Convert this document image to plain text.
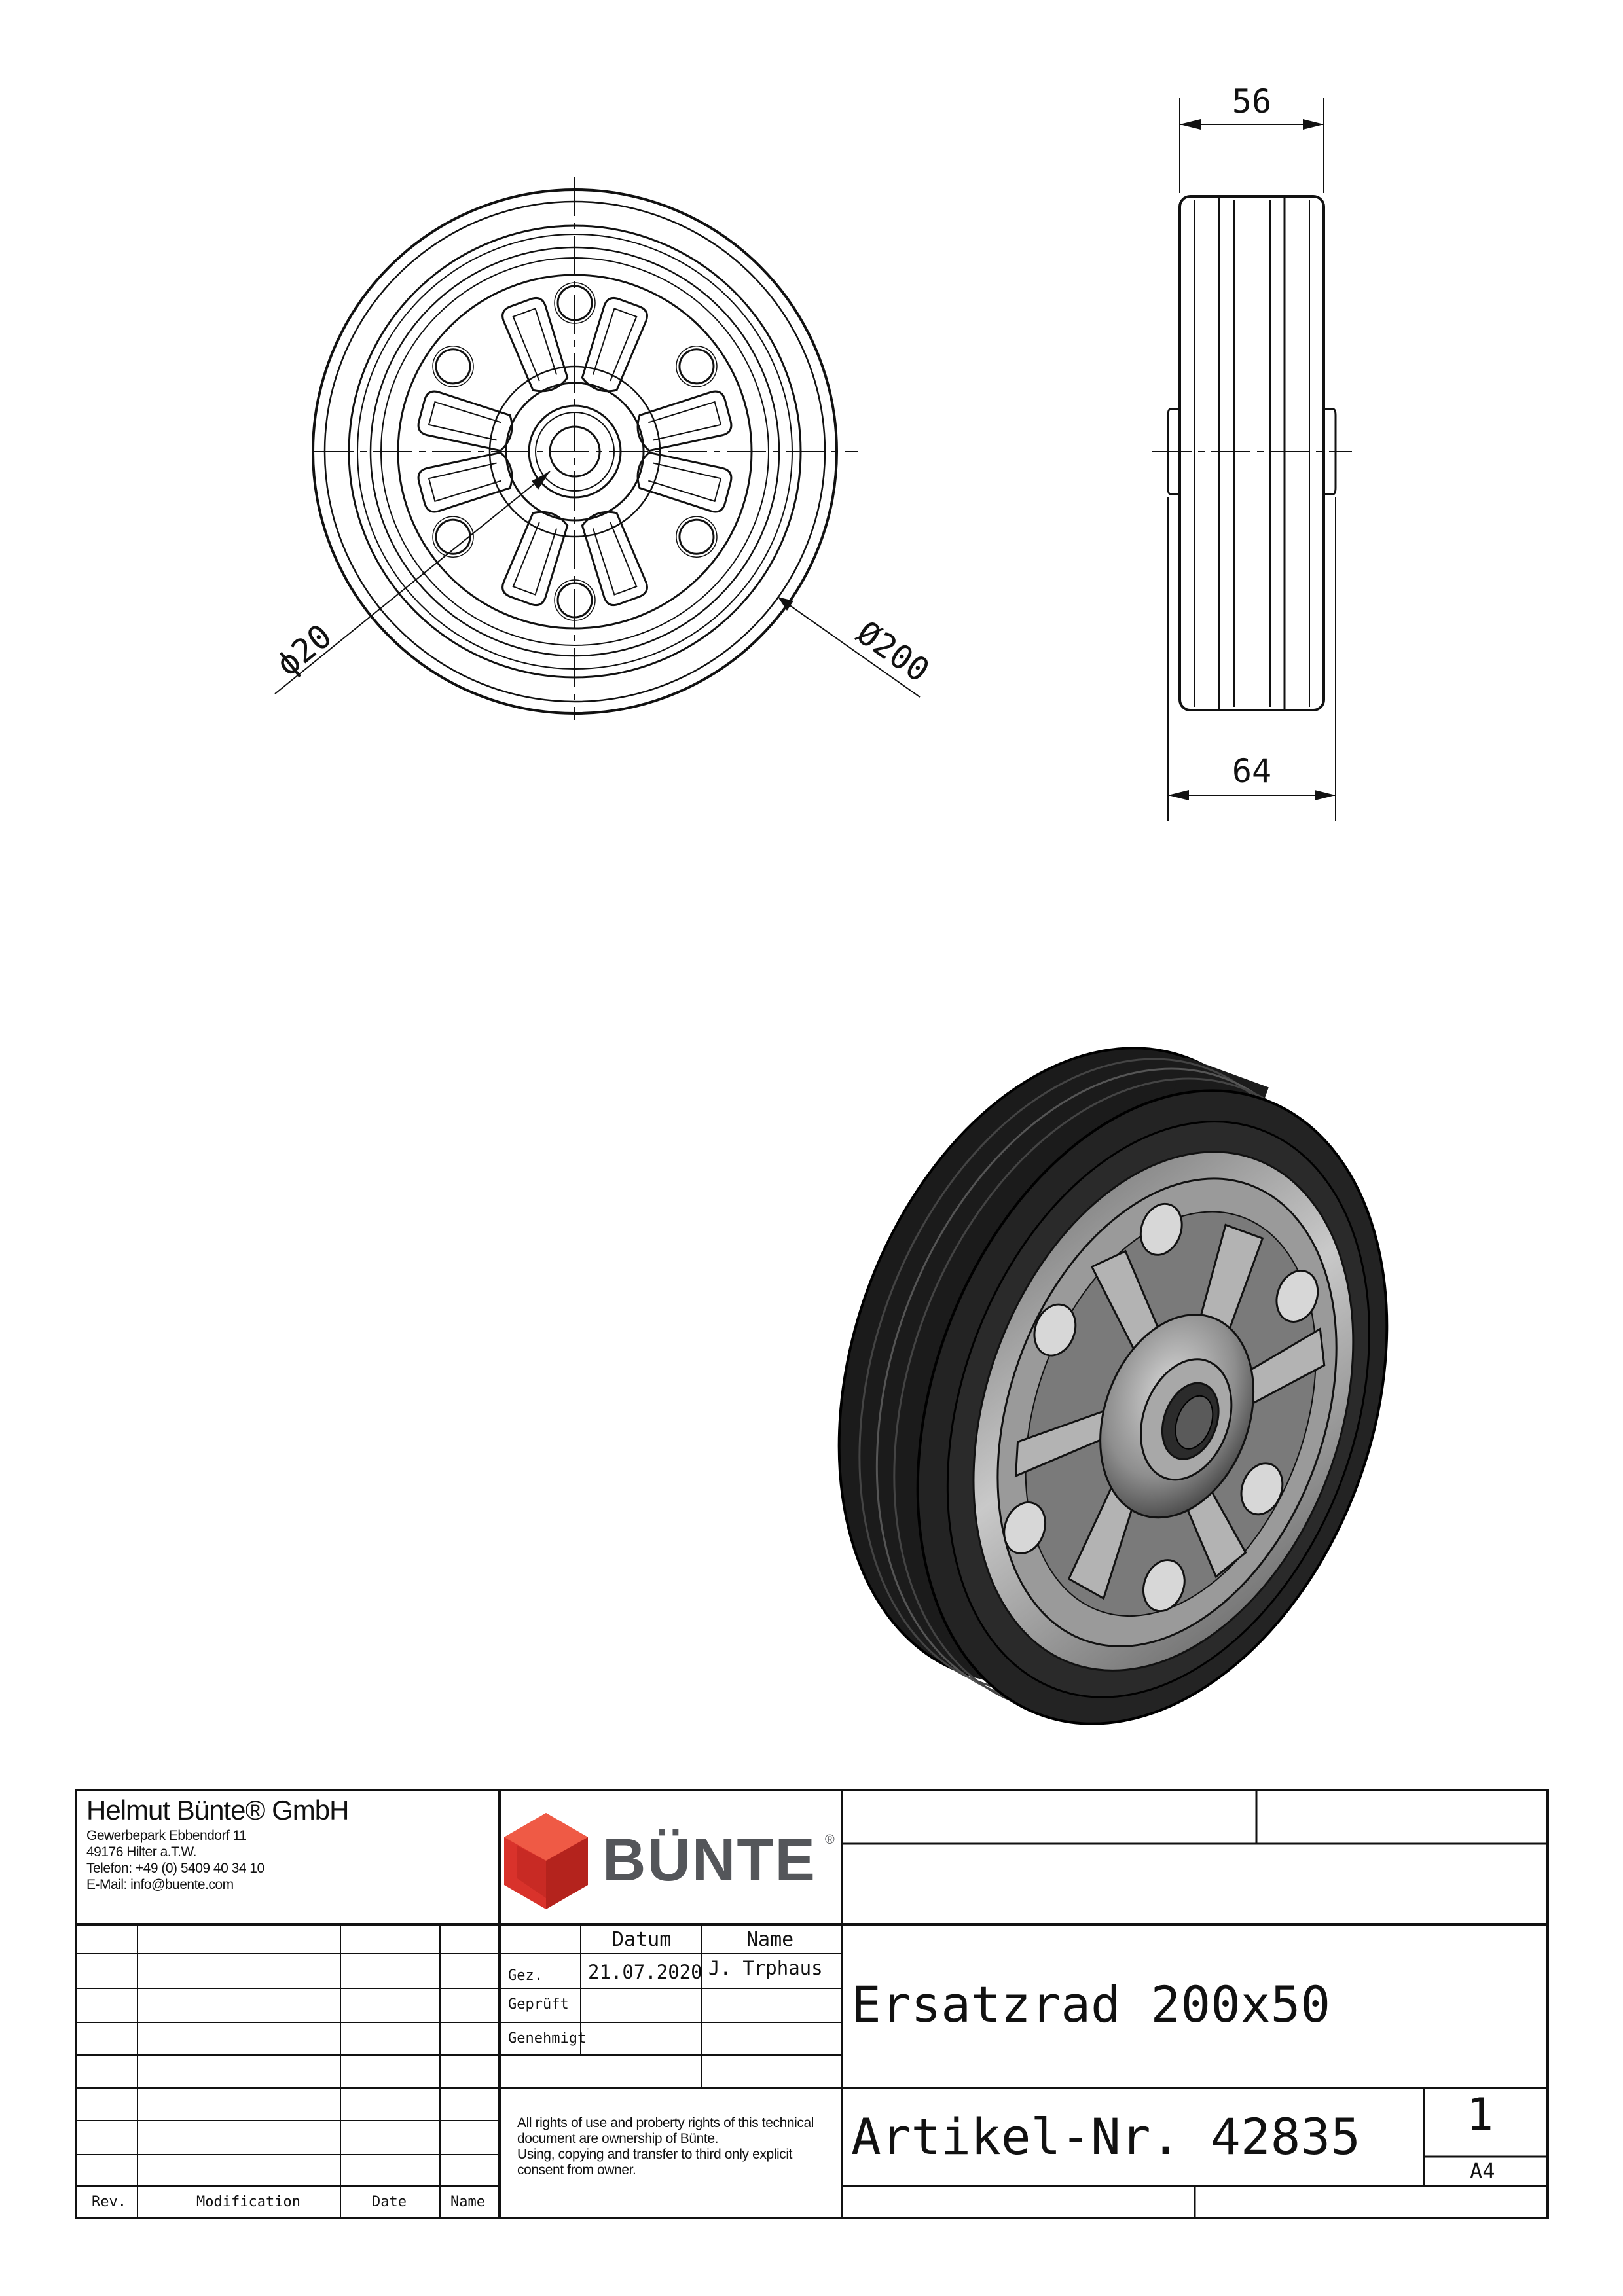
ϕ20	Ø200
56
64
Helmut Bünte® GmbH
Gewerbepark Ebbendorf 11
49176 Hilter a.T.W.
Telefon: +49 (0) 5409 40 34 10
E-Mail: info@buente.com	BÜNTE ®
Datum	Name
Gez. 21.07.2020 J. Trphaus
Geprüft
Genehmigt
All rights of use and proberty rights of this technical
document are ownership of Bünte.
Using, copying and transfer to third only explicit
consent from owner.
Ersatzrad 200x50
Artikel-Nr. 42835 1
A4
Rev.	Modification	Date	Name
